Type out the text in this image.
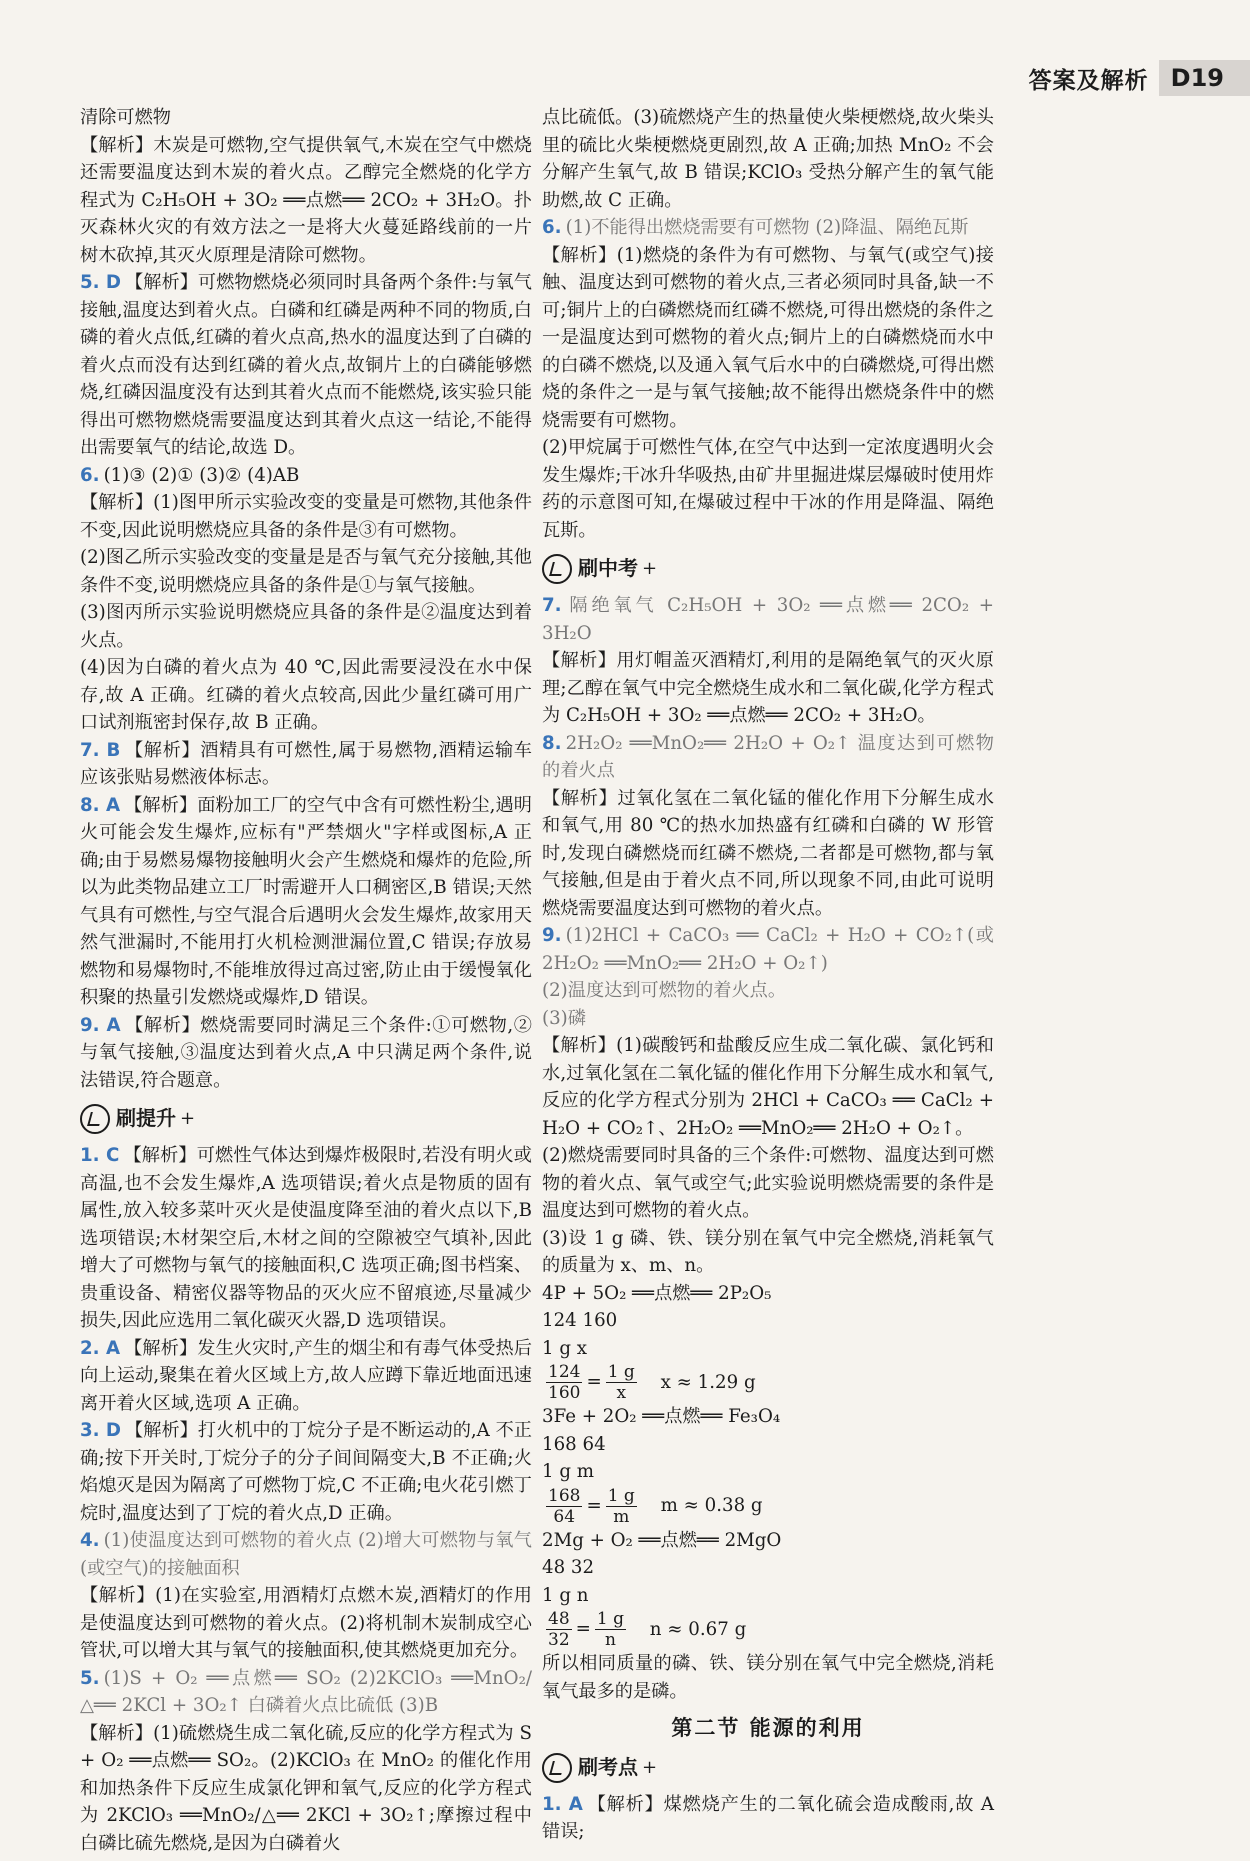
答案及解析 D19

清除可燃物

【解析】木炭是可燃物,空气提供氧气,木炭在空气中燃烧还需要温度达到木炭的着火点。乙醇完全燃烧的化学方程式为 C₂H₅OH + 3O₂ ══点燃══ 2CO₂ + 3H₂O。扑灭森林火灾的有效方法之一是将大火蔓延路线前的一片树木砍掉,其灭火原理是清除可燃物。

5. D 【解析】可燃物燃烧必须同时具备两个条件:与氧气接触,温度达到着火点。白磷和红磷是两种不同的物质,白磷的着火点低,红磷的着火点高,热水的温度达到了白磷的着火点而没有达到红磷的着火点,故铜片上的白磷能够燃烧,红磷因温度没有达到其着火点而不能燃烧,该实验只能得出可燃物燃烧需要温度达到其着火点这一结论,不能得出需要氧气的结论,故选 D。

6. (1)③ (2)① (3)② (4)AB

【解析】(1)图甲所示实验改变的变量是可燃物,其他条件不变,因此说明燃烧应具备的条件是③有可燃物。

(2)图乙所示实验改变的变量是是否与氧气充分接触,其他条件不变,说明燃烧应具备的条件是①与氧气接触。

(3)图丙所示实验说明燃烧应具备的条件是②温度达到着火点。

(4)因为白磷的着火点为 40 ℃,因此需要浸没在水中保存,故 A 正确。红磷的着火点较高,因此少量红磷可用广口试剂瓶密封保存,故 B 正确。

7. B 【解析】酒精具有可燃性,属于易燃物,酒精运输车应该张贴易燃液体标志。

8. A 【解析】面粉加工厂的空气中含有可燃性粉尘,遇明火可能会发生爆炸,应标有"严禁烟火"字样或图标,A 正确;由于易燃易爆物接触明火会产生燃烧和爆炸的危险,所以为此类物品建立工厂时需避开人口稠密区,B 错误;天然气具有可燃性,与空气混合后遇明火会发生爆炸,故家用天然气泄漏时,不能用打火机检测泄漏位置,C 错误;存放易燃物和易爆物时,不能堆放得过高过密,防止由于缓慢氧化积聚的热量引发燃烧或爆炸,D 错误。

9. A 【解析】燃烧需要同时满足三个条件:①可燃物,②与氧气接触,③温度达到着火点,A 中只满足两个条件,说法错误,符合题意。

刷提升 +

1. C 【解析】可燃性气体达到爆炸极限时,若没有明火或高温,也不会发生爆炸,A 选项错误;着火点是物质的固有属性,放入较多菜叶灭火是使温度降至油的着火点以下,B 选项错误;木材架空后,木材之间的空隙被空气填补,因此增大了可燃物与氧气的接触面积,C 选项正确;图书档案、贵重设备、精密仪器等物品的灭火应不留痕迹,尽量减少损失,因此应选用二氧化碳灭火器,D 选项错误。

2. A 【解析】发生火灾时,产生的烟尘和有毒气体受热后向上运动,聚集在着火区域上方,故人应蹲下靠近地面迅速离开着火区域,选项 A 正确。

3. D 【解析】打火机中的丁烷分子是不断运动的,A 不正确;按下开关时,丁烷分子的分子间间隔变大,B 不正确;火焰熄灭是因为隔离了可燃物丁烷,C 不正确;电火花引燃丁烷时,温度达到了丁烷的着火点,D 正确。

4. (1)使温度达到可燃物的着火点 (2)增大可燃物与氧气(或空气)的接触面积

【解析】(1)在实验室,用酒精灯点燃木炭,酒精灯的作用是使温度达到可燃物的着火点。(2)将机制木炭制成空心管状,可以增大其与氧气的接触面积,使其燃烧更加充分。

5. (1)S + O₂ ══点燃══ SO₂ (2)2KClO₃ ══MnO₂/△══ 2KCl + 3O₂↑ 白磷着火点比硫低 (3)B

【解析】(1)硫燃烧生成二氧化硫,反应的化学方程式为 S + O₂ ══点燃══ SO₂。(2)KClO₃ 在 MnO₂ 的催化作用和加热条件下反应生成氯化钾和氧气,反应的化学方程式为 2KClO₃ ══MnO₂/△══ 2KCl + 3O₂↑;摩擦过程中白磷比硫先燃烧,是因为白磷着火

点比硫低。(3)硫燃烧产生的热量使火柴梗燃烧,故火柴头里的硫比火柴梗燃烧更剧烈,故 A 正确;加热 MnO₂ 不会分解产生氧气,故 B 错误;KClO₃ 受热分解产生的氧气能助燃,故 C 正确。

6. (1)不能得出燃烧需要有可燃物 (2)降温、隔绝瓦斯

【解析】(1)燃烧的条件为有可燃物、与氧气(或空气)接触、温度达到可燃物的着火点,三者必须同时具备,缺一不可;铜片上的白磷燃烧而红磷不燃烧,可得出燃烧的条件之一是温度达到可燃物的着火点;铜片上的白磷燃烧而水中的白磷不燃烧,以及通入氧气后水中的白磷燃烧,可得出燃烧的条件之一是与氧气接触;故不能得出燃烧条件中的燃烧需要有可燃物。

(2)甲烷属于可燃性气体,在空气中达到一定浓度遇明火会发生爆炸;干冰升华吸热,由矿井里掘进煤层爆破时使用炸药的示意图可知,在爆破过程中干冰的作用是降温、隔绝瓦斯。

刷中考 +

7. 隔绝氧气 C₂H₅OH + 3O₂ ══点燃══ 2CO₂ + 3H₂O

【解析】用灯帽盖灭酒精灯,利用的是隔绝氧气的灭火原理;乙醇在氧气中完全燃烧生成水和二氧化碳,化学方程式为 C₂H₅OH + 3O₂ ══点燃══ 2CO₂ + 3H₂O。

8. 2H₂O₂ ══MnO₂══ 2H₂O + O₂↑ 温度达到可燃物的着火点

【解析】过氧化氢在二氧化锰的催化作用下分解生成水和氧气,用 80 ℃的热水加热盛有红磷和白磷的 W 形管时,发现白磷燃烧而红磷不燃烧,二者都是可燃物,都与氧气接触,但是由于着火点不同,所以现象不同,由此可说明燃烧需要温度达到可燃物的着火点。

9. (1)2HCl + CaCO₃ ══ CaCl₂ + H₂O + CO₂↑(或 2H₂O₂ ══MnO₂══ 2H₂O + O₂↑)

(2)温度达到可燃物的着火点。

(3)磷

【解析】(1)碳酸钙和盐酸反应生成二氧化碳、氯化钙和水,过氧化氢在二氧化锰的催化作用下分解生成水和氧气,反应的化学方程式分别为 2HCl + CaCO₃ ══ CaCl₂ + H₂O + CO₂↑、2H₂O₂ ══MnO₂══ 2H₂O + O₂↑。

(2)燃烧需要同时具备的三个条件:可燃物、温度达到可燃物的着火点、氧气或空气;此实验说明燃烧需要的条件是温度达到可燃物的着火点。

(3)设 1 g 磷、铁、镁分别在氧气中完全燃烧,消耗氧气的质量为 x、m、n。

4P + 5O₂ ══点燃══ 2P₂O₅

124 160

1 g x

$\frac{124}{160} = \frac{1 g}{x}$ x ≈ 1.29 g

3Fe + 2O₂ ══点燃══ Fe₃O₄

168 64

1 g m

$\frac{168}{64} = \frac{1 g}{m}$ m ≈ 0.38 g

2Mg + O₂ ══点燃══ 2MgO

48 32

1 g n

$\frac{48}{32} = \frac{1 g}{n}$ n ≈ 0.67 g

所以相同质量的磷、铁、镁分别在氧气中完全燃烧,消耗氧气最多的是磷。

第二节 能源的利用
刷考点 +

1. A 【解析】煤燃烧产生的二氧化硫会造成酸雨,故 A 错误;
